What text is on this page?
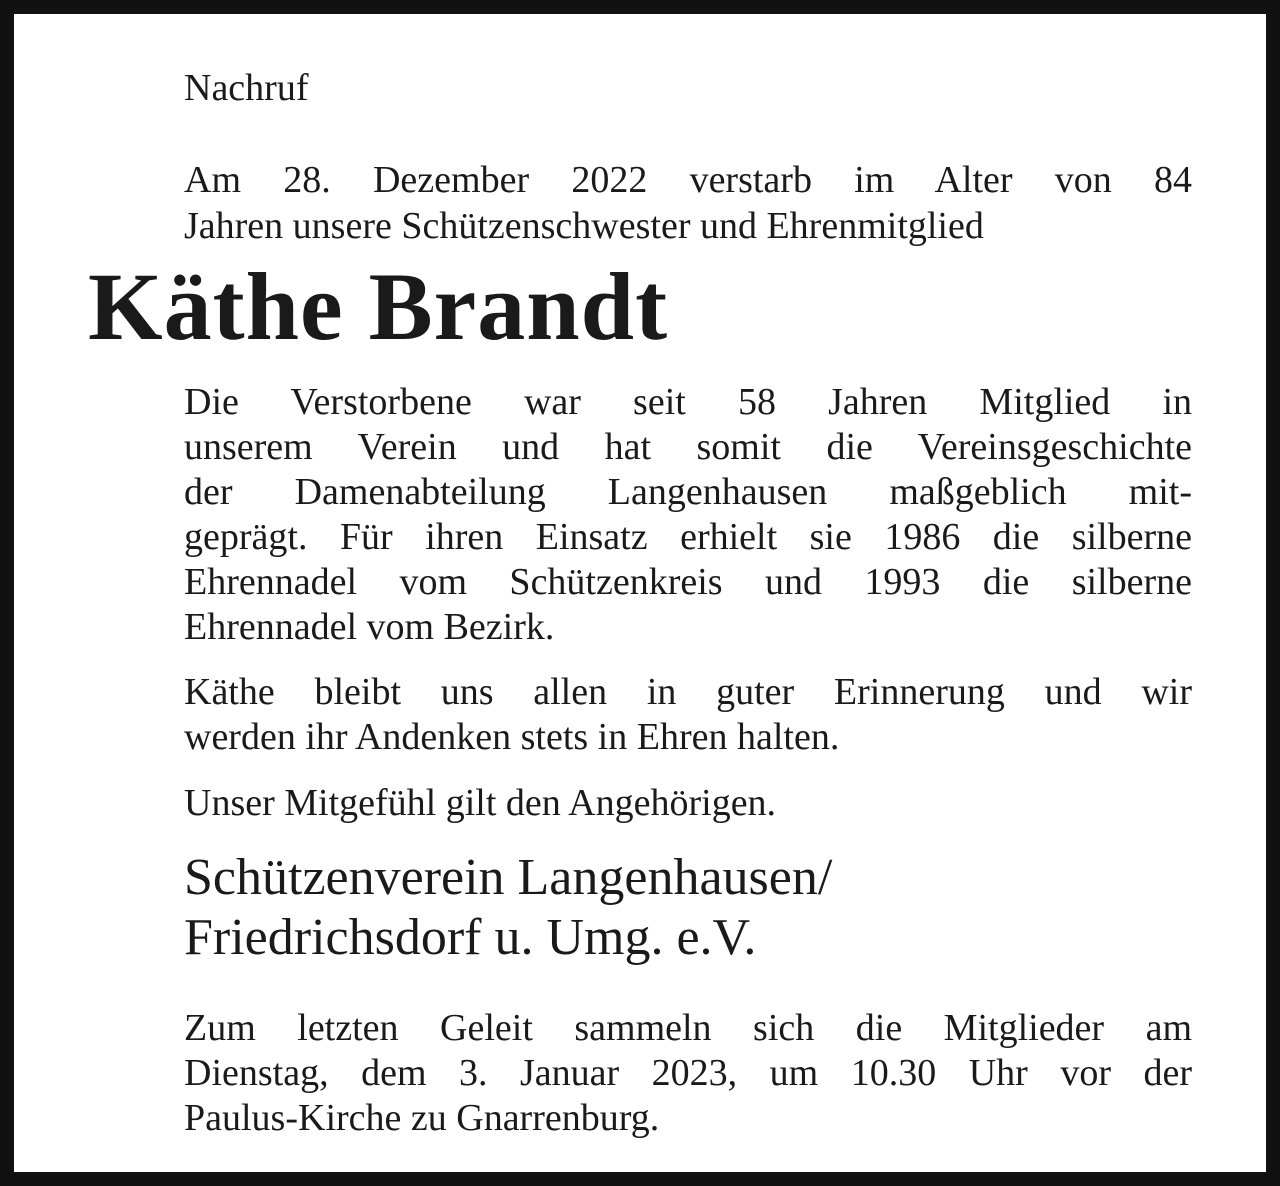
Nachruf

Am 28. Dezember 2022 verstarb im Alter von 84
Jahren unsere Schützenschwester und Ehrenmitglied

Käthe Brandt

Die Verstorbene war seit 58 Jahren Mitglied in
unserem Verein und hat somit die Vereinsgeschichte
der Damenabteilung Langenhausen maßgeblich mit-
geprägt. Für ihren Einsatz erhielt sie 1986 die silberne
Ehrennadel vom Schützenkreis und 1993 die silberne
Ehrennadel vom Bezirk.

Käthe bleibt uns allen in guter Erinnerung und wir
werden ihr Andenken stets in Ehren halten.

Unser Mitgefühl gilt den Angehörigen.

Schützenverein Langenhausen/
Friedrichsdorf u. Umg. e.V.

Zum letzten Geleit sammeln sich die Mitglieder am
Dienstag, dem 3. Januar 2023, um 10.30 Uhr vor der
Paulus-Kirche zu Gnarrenburg.
